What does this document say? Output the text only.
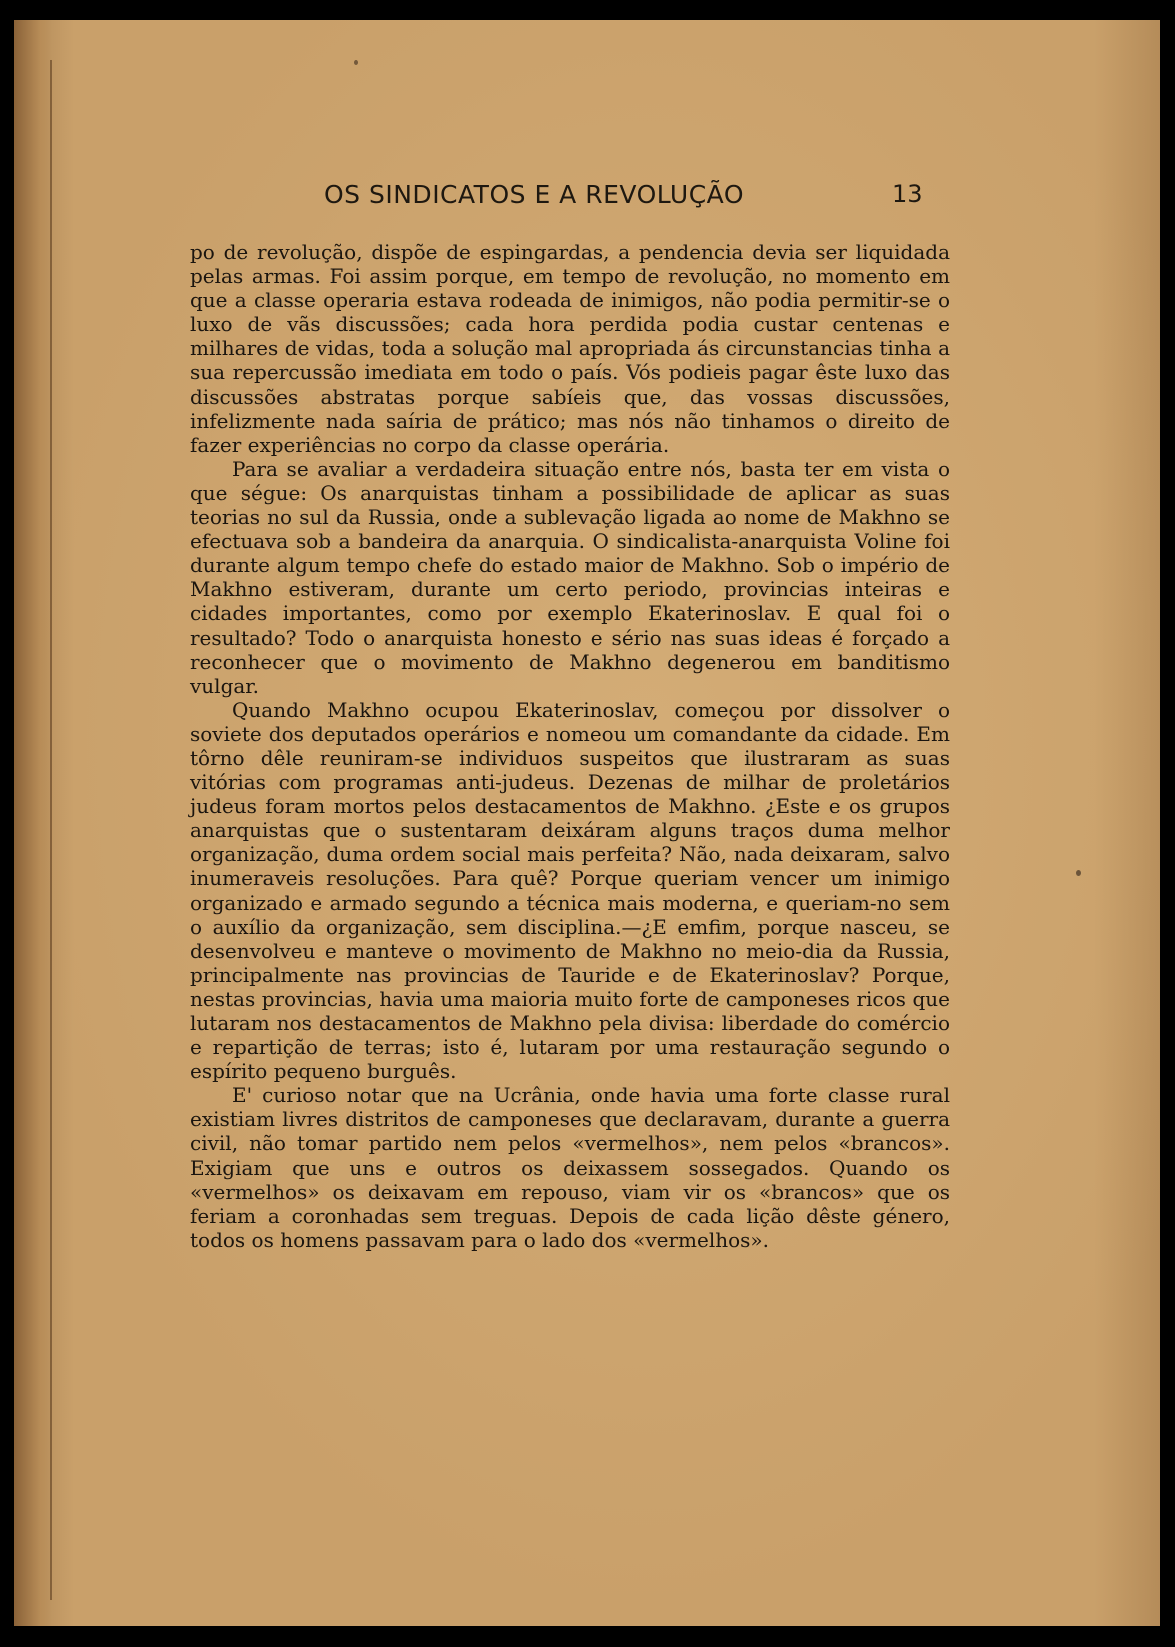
OS SINDICATOS E A REVOLUÇÃO	13

po de revolução, dispõe de espingardas, a pendencia devia ser liquidada pelas armas. Foi assim porque, em tempo de revolução, no momento em que a classe operaria estava rodeada de inimigos, não podia permitir-se o luxo de vãs discussões; cada hora perdida podia custar centenas e milhares de vidas, toda a solução mal apropriada ás circunstancias tinha a sua repercussão imediata em todo o país. Vós podieis pagar êste luxo das discussões abstratas porque sabíeis que, das vossas discussões, infelizmente nada saíria de prático; mas nós não tinhamos o direito de fazer experiências no corpo da classe operária.

Para se avaliar a verdadeira situação entre nós, basta ter em vista o que ségue: Os anarquistas tinham a possibilidade de aplicar as suas teorias no sul da Russia, onde a sublevação ligada ao nome de Makhno se efectuava sob a bandeira da anarquia. O sindicalista-anarquista Voline foi durante algum tempo chefe do estado maior de Makhno. Sob o império de Makhno estiveram, durante um certo periodo, provincias inteiras e cidades importantes, como por exemplo Ekaterinoslav. E qual foi o resultado? Todo o anarquista honesto e sério nas suas ideas é forçado a reconhecer que o movimento de Makhno degenerou em banditismo vulgar.

Quando Makhno ocupou Ekaterinoslav, começou por dissolver o soviete dos deputados operários e nomeou um comandante da cidade. Em tôrno dêle reuniram-se individuos suspeitos que ilustraram as suas vitórias com programas anti-judeus. Dezenas de milhar de proletários judeus foram mortos pelos destacamentos de Makhno. ¿Este e os grupos anarquistas que o sustentaram deixáram alguns traços duma melhor organização, duma ordem social mais perfeita? Não, nada deixaram, salvo inumeraveis resoluções. Para quê? Porque queriam vencer um inimigo organizado e armado segundo a técnica mais moderna, e queriam-no sem o auxílio da organização, sem disciplina.—¿E emfim, porque nasceu, se desenvolveu e manteve o movimento de Makhno no meio-dia da Russia, principalmente nas provincias de Tauride e de Ekaterinoslav? Porque, nestas provincias, havia uma maioria muito forte de camponeses ricos que lutaram nos destacamentos de Makhno pela divisa: liberdade do comércio e repartição de terras; isto é, lutaram por uma restauração segundo o espírito pequeno burguês.

E' curioso notar que na Ucrânia, onde havia uma forte classe rural existiam livres distritos de camponeses que declaravam, durante a guerra civil, não tomar partido nem pelos «vermelhos», nem pelos «brancos». Exigiam que uns e outros os deixassem sossegados. Quando os «vermelhos» os deixavam em repouso, viam vir os «brancos» que os feriam a coronhadas sem treguas. Depois de cada lição dêste género, todos os homens passavam para o lado dos «vermelhos».
